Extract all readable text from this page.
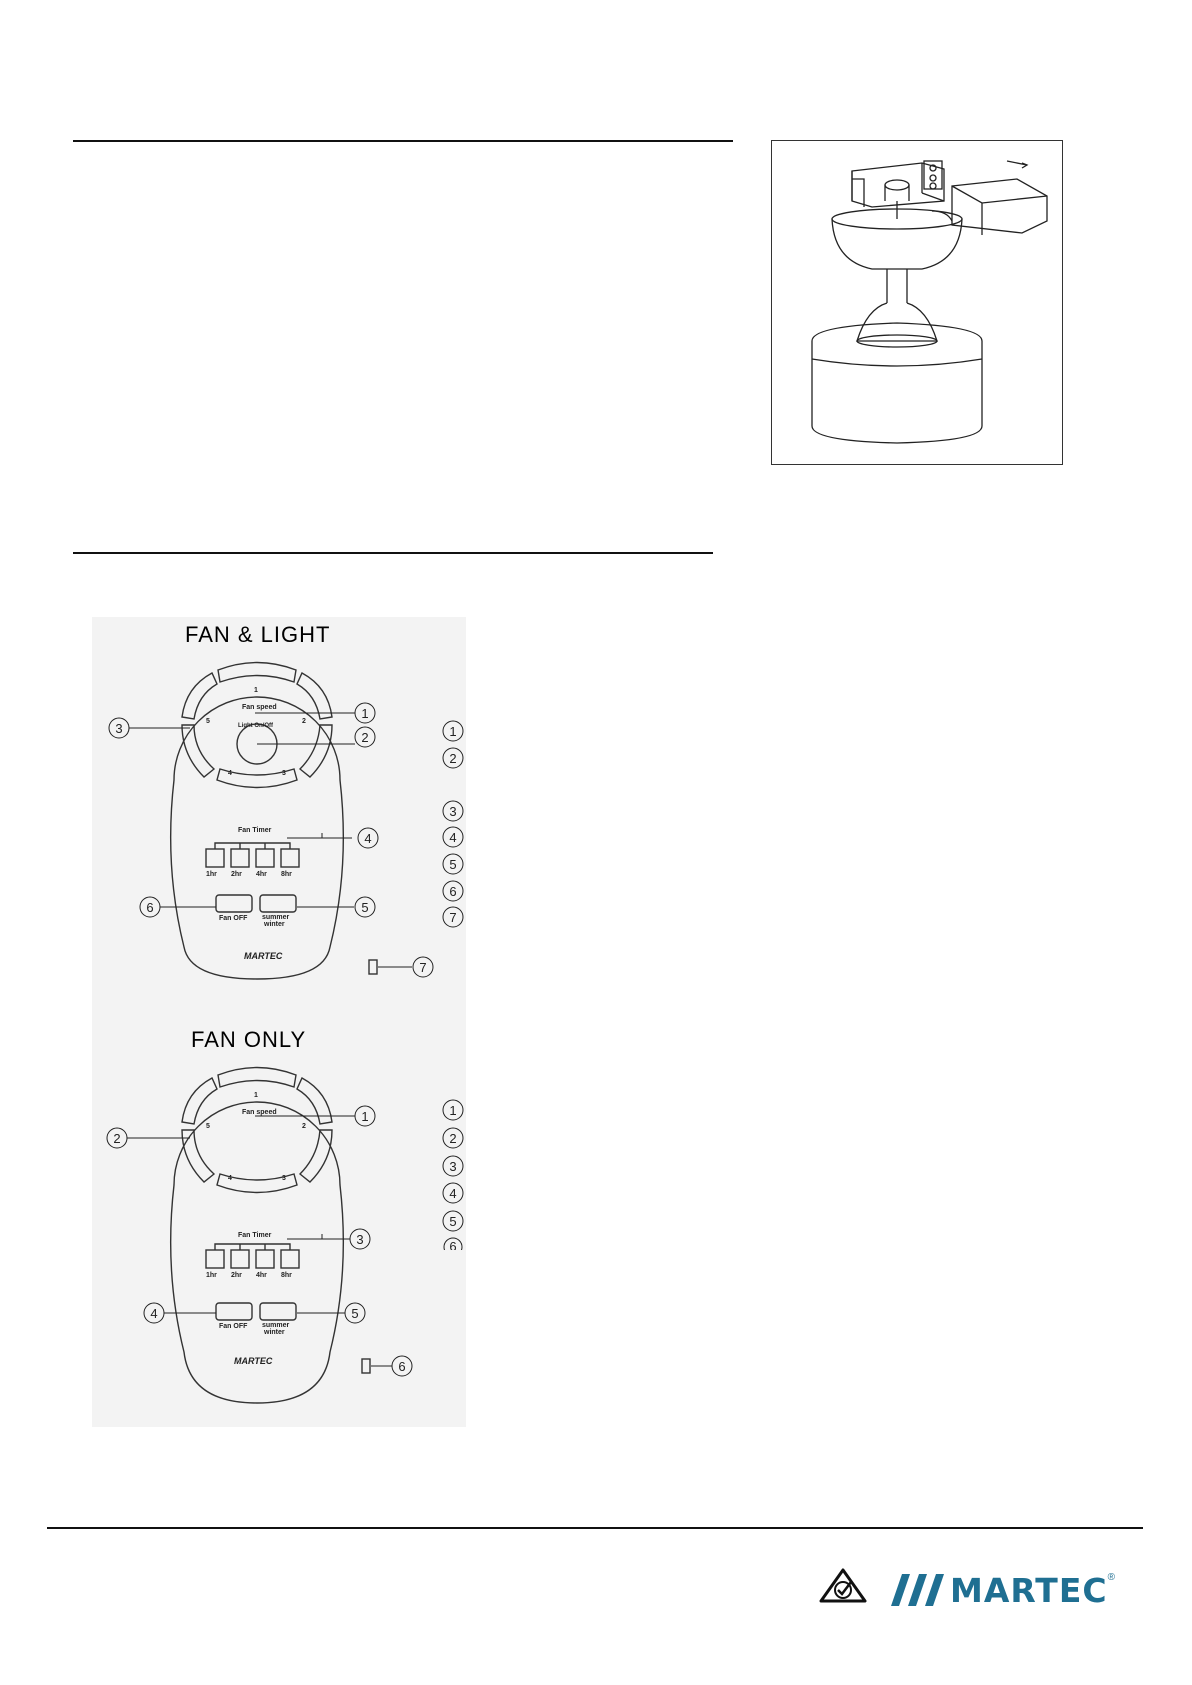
FAN & LIGHT
Fan speed
Light On/Off
1
2
3
4
5
Fan Timer
1hr 2hr 4hr 8hr
Fan OFF summer
winter
MARTEC
1
2
3
4
5
6
7
FAN ONLY
Fan speed
1
2
3
4
5
Fan Timer
1hr 2hr 4hr 8hr
Fan OFF summer
winter
MARTEC
1
2
3
4	5
6
1
2
3
4
5
6
7
1
2
3
4
5
6
MARTEC ®
